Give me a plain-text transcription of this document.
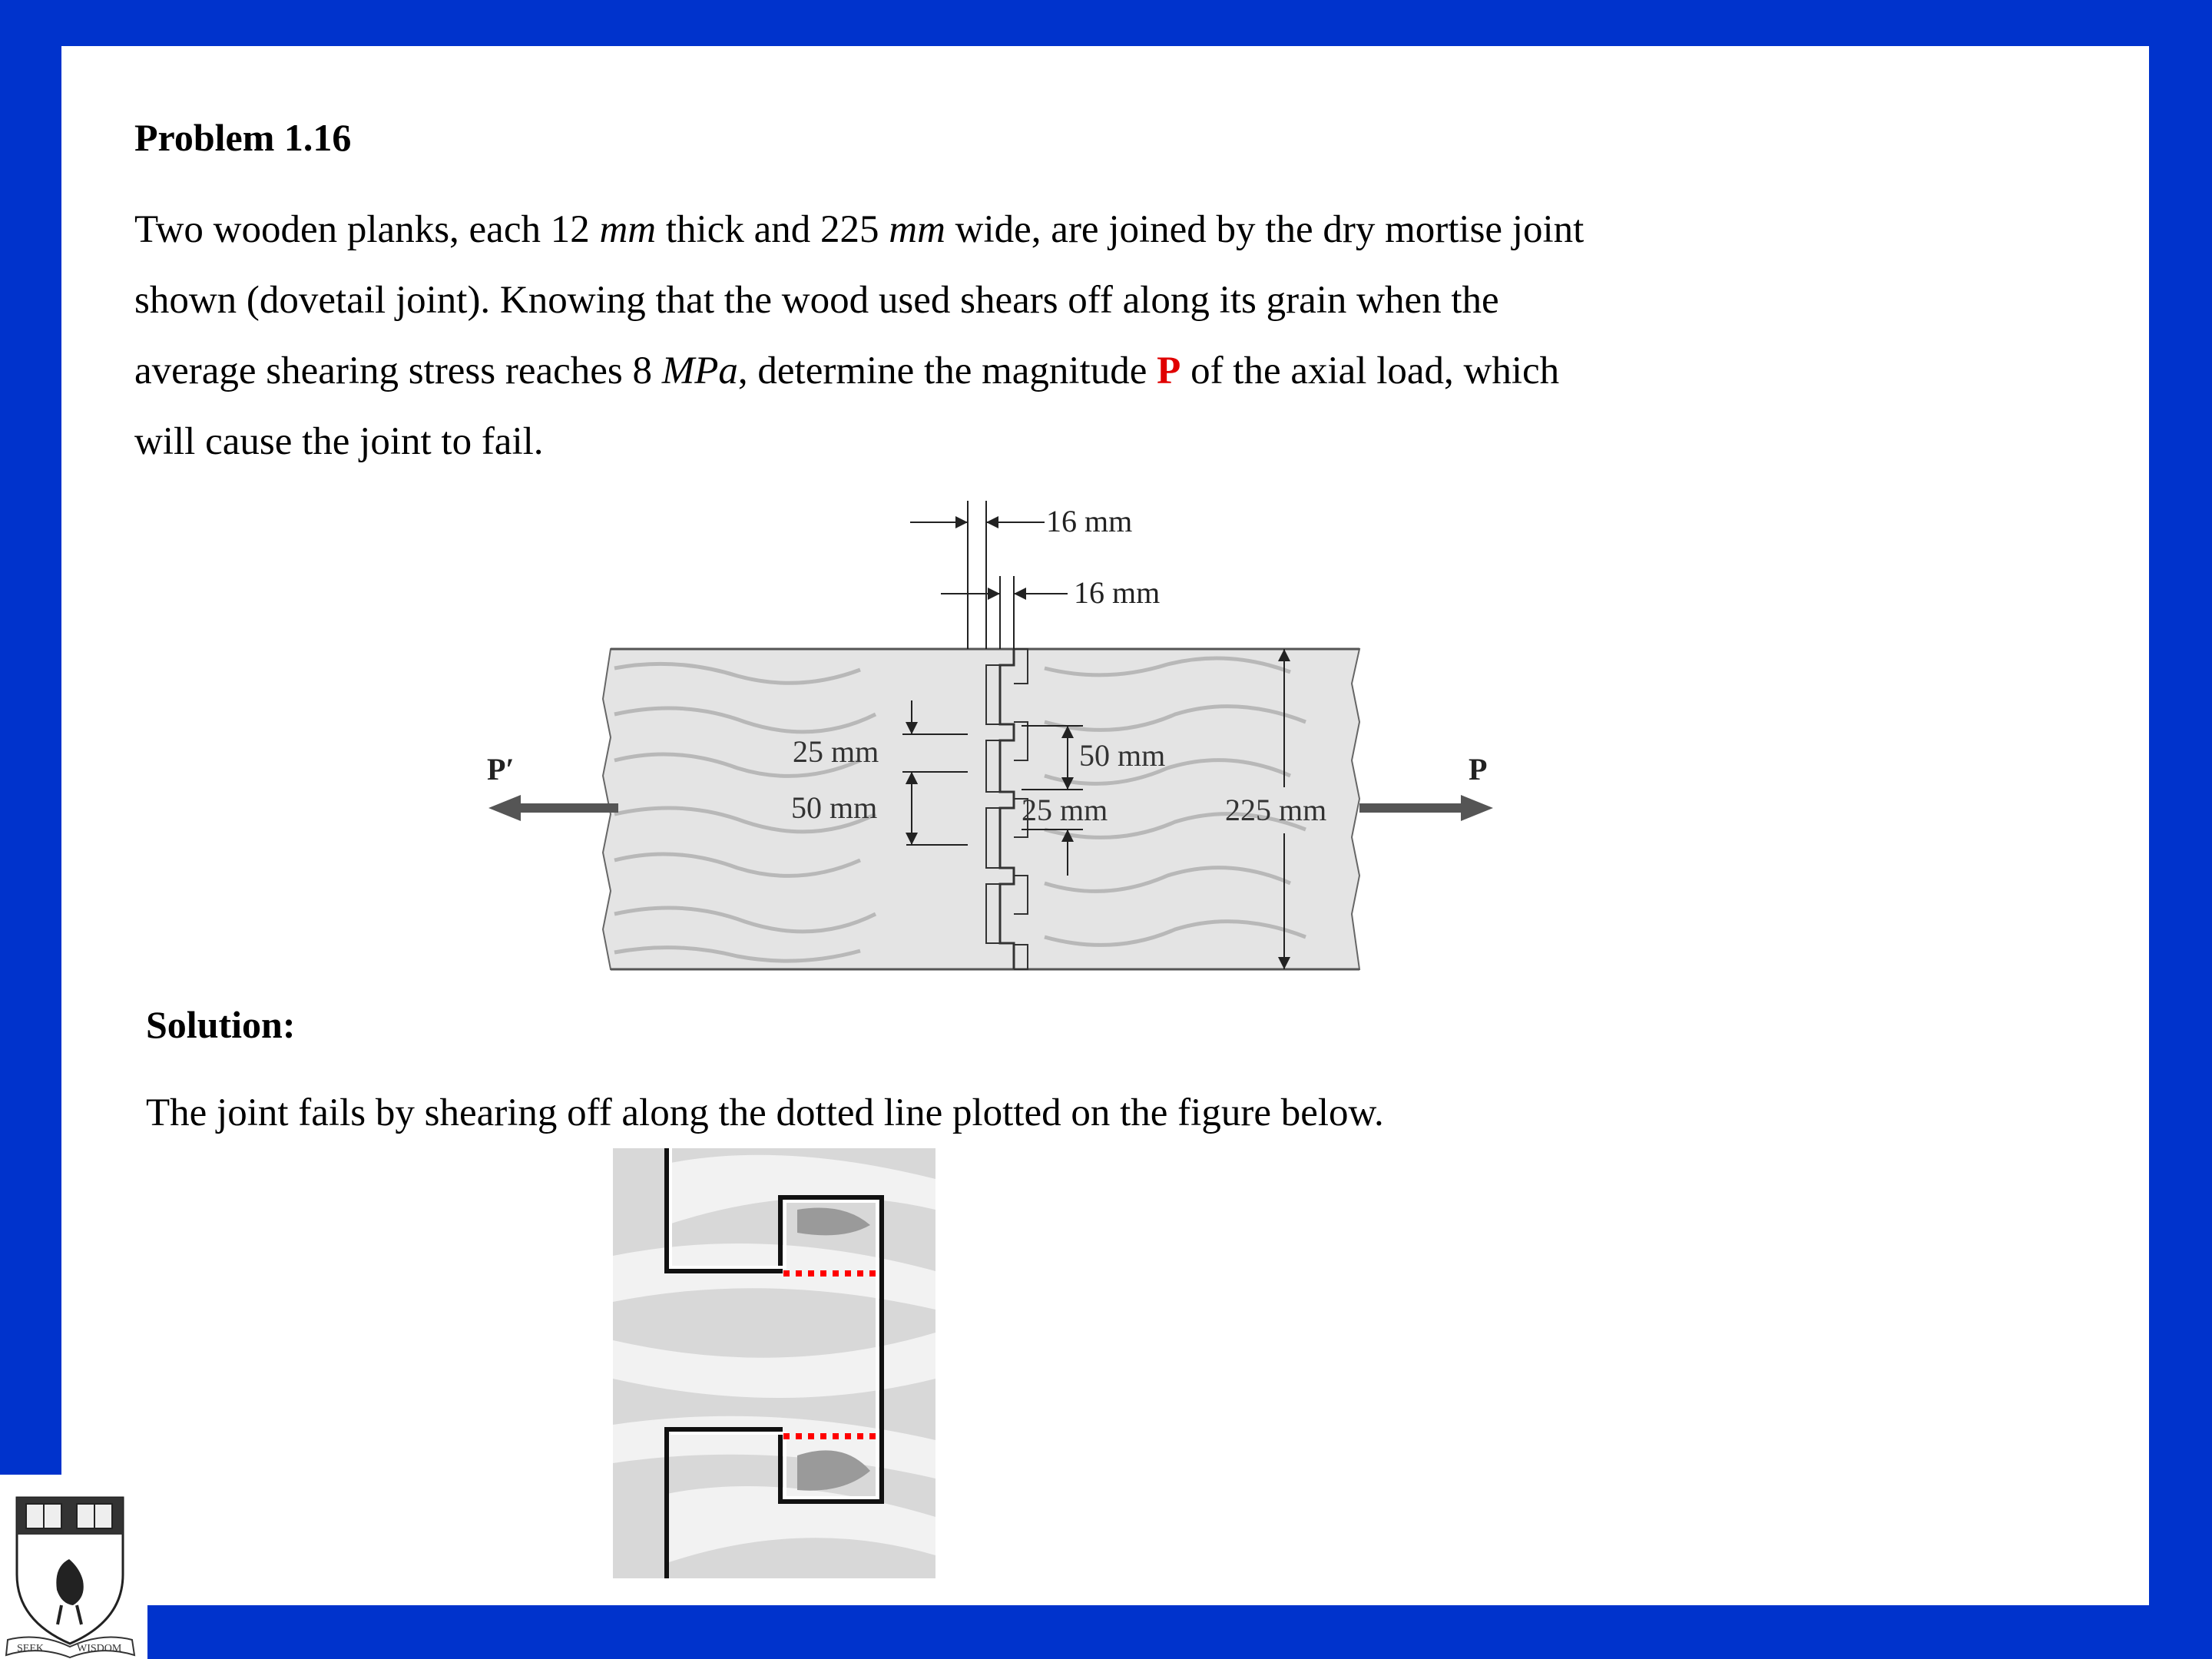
Problem 1.16
Two wooden planks, each 12 mm thick and 225 mm wide, are joined by the dry mortise joint
shown (dovetail joint). Knowing that the wood used shears off along its grain when the
average shearing stress reaches 8 MPa, determine the magnitude P of the axial load, which
will cause the joint to fail.
16 mm
16 mm
25 mm
50 mm
50 mm
25 mm	225 mm
P′	P
Solution:
The joint fails by shearing off along the dotted line plotted on the figure below.
SEEK	WISDOM
